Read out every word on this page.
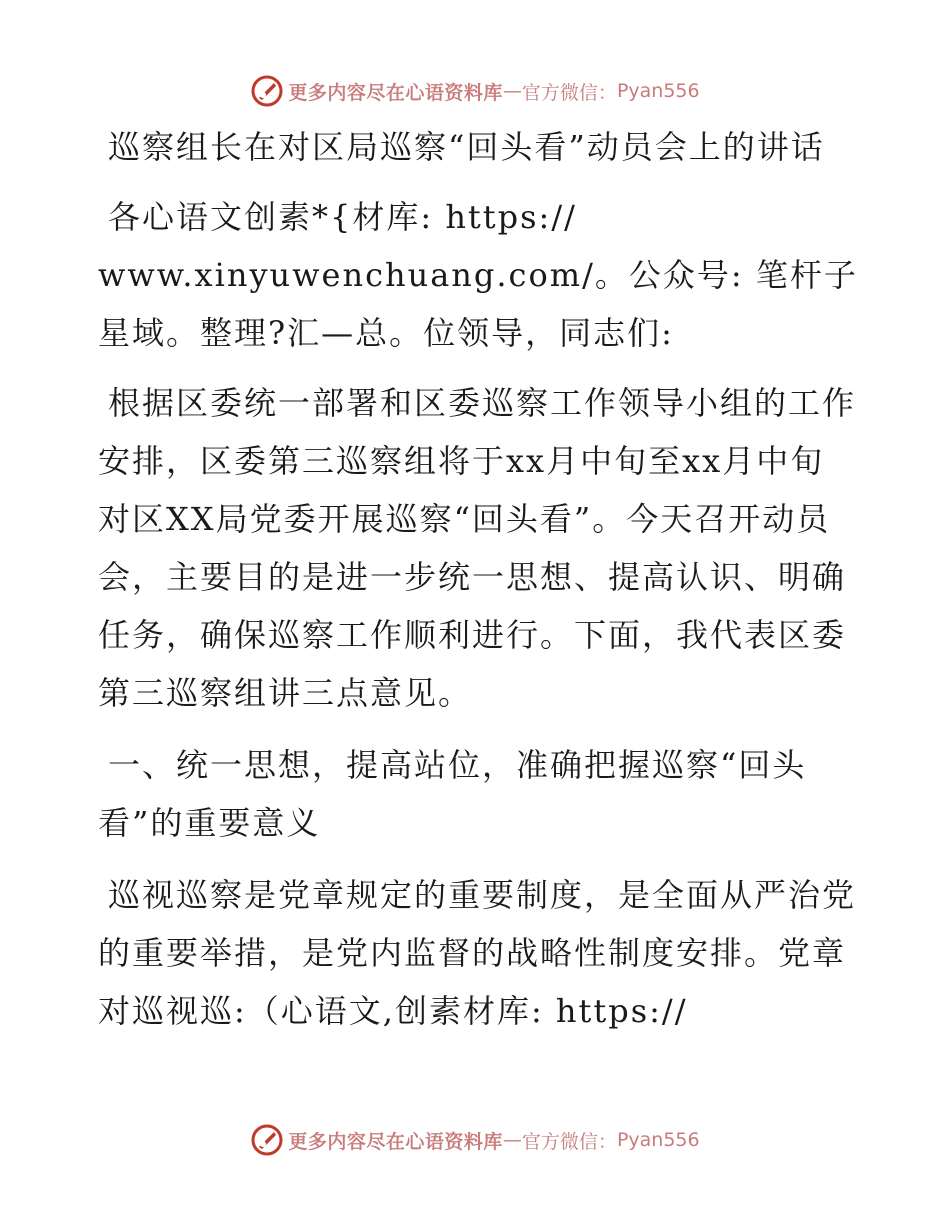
更多内容尽在心语资料库 — 官方微信： Pyan556

巡察组长在对区局巡察“回头看”动员会上的讲话

各心语文创素*{材库: https:// www.xinyuwenchuang.com/。公众号: 笔杆子星域。整理?汇—总。位领导，同志们:

根据区委统一部署和区委巡察工作领导小组的工作安排，区委第三巡察组将于xx月中旬至xx月中旬对区XX局党委开展巡察“回头看”。今天召开动员会，主要目的是进一步统一思想、提高认识、明确任务，确保巡察工作顺利进行。下面，我代表区委第三巡察组讲三点意见。

一、统一思想，提高站位，准确把握巡察“回头看”的重要意义

巡视巡察是党章规定的重要制度，是全面从严治党的重要举措，是党内监督的战略性制度安排。党章对巡视巡:（心语文,创素材库: https://

更多内容尽在心语资料库 — 官方微信： Pyan556
